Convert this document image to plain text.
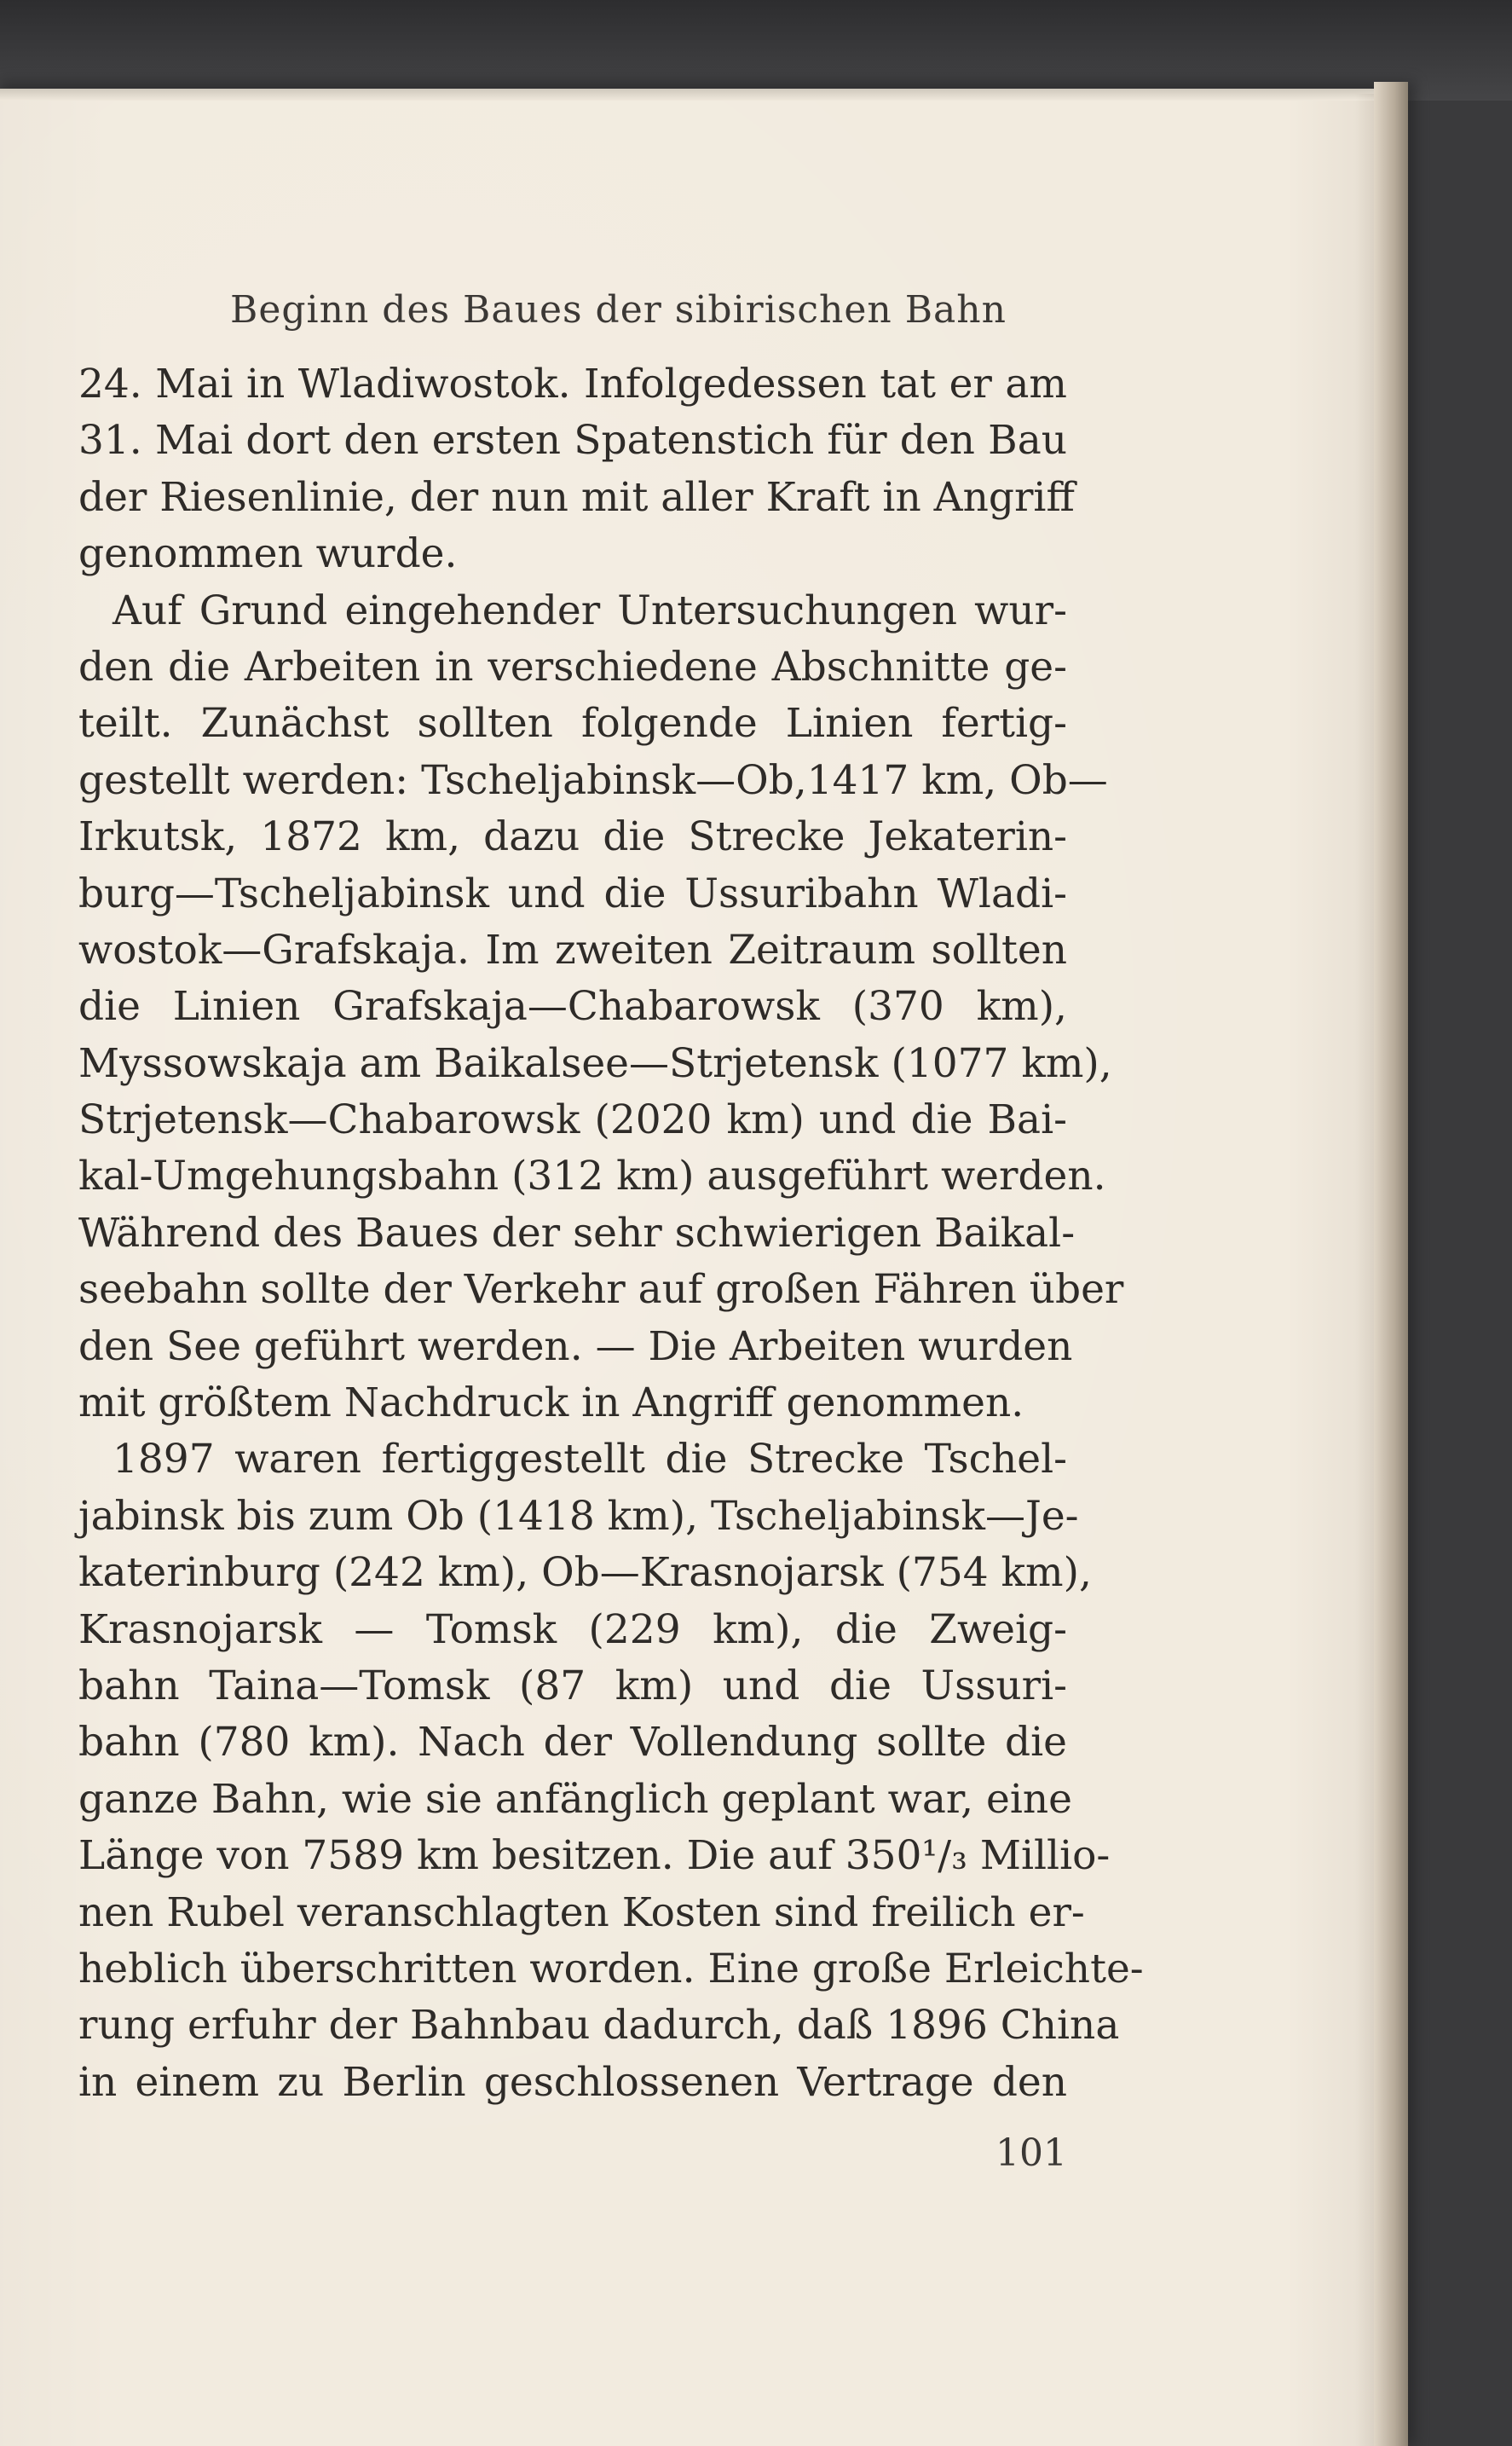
Beginn des Baues der sibirischen Bahn
24. Mai in Wladiwostok. Infolgedessen tat er am
31. Mai dort den ersten Spatenstich für den Bau
der Riesenlinie, der nun mit aller Kraft in Angriff
genommen wurde.
Auf Grund eingehender Untersuchungen wur-
den die Arbeiten in verschiedene Abschnitte ge-
teilt. Zunächst sollten folgende Linien fertig-
gestellt werden: Tscheljabinsk—Ob,1417 km, Ob—
Irkutsk, 1872 km, dazu die Strecke Jekaterin-
burg—Tscheljabinsk und die Ussuribahn Wladi-
wostok—Grafskaja. Im zweiten Zeitraum sollten
die Linien Grafskaja—Chabarowsk (370 km),
Myssowskaja am Baikalsee—Strjetensk (1077 km),
Strjetensk—Chabarowsk (2020 km) und die Bai-
kal-Umgehungsbahn (312 km) ausgeführt werden.
Während des Baues der sehr schwierigen Baikal-
seebahn sollte der Verkehr auf großen Fähren über
den See geführt werden. — Die Arbeiten wurden
mit größtem Nachdruck in Angriff genommen.
1897 waren fertiggestellt die Strecke Tschel-
jabinsk bis zum Ob (1418 km), Tscheljabinsk—Je-
katerinburg (242 km), Ob—Krasnojarsk (754 km),
Krasnojarsk — Tomsk (229 km), die Zweig-
bahn Taina—Tomsk (87 km) und die Ussuri-
bahn (780 km). Nach der Vollendung sollte die
ganze Bahn, wie sie anfänglich geplant war, eine
Länge von 7589 km besitzen. Die auf 350¹/₃ Millio-
nen Rubel veranschlagten Kosten sind freilich er-
heblich überschritten worden. Eine große Erleichte-
rung erfuhr der Bahnbau dadurch, daß 1896 China
in einem zu Berlin geschlossenen Vertrage den
101
